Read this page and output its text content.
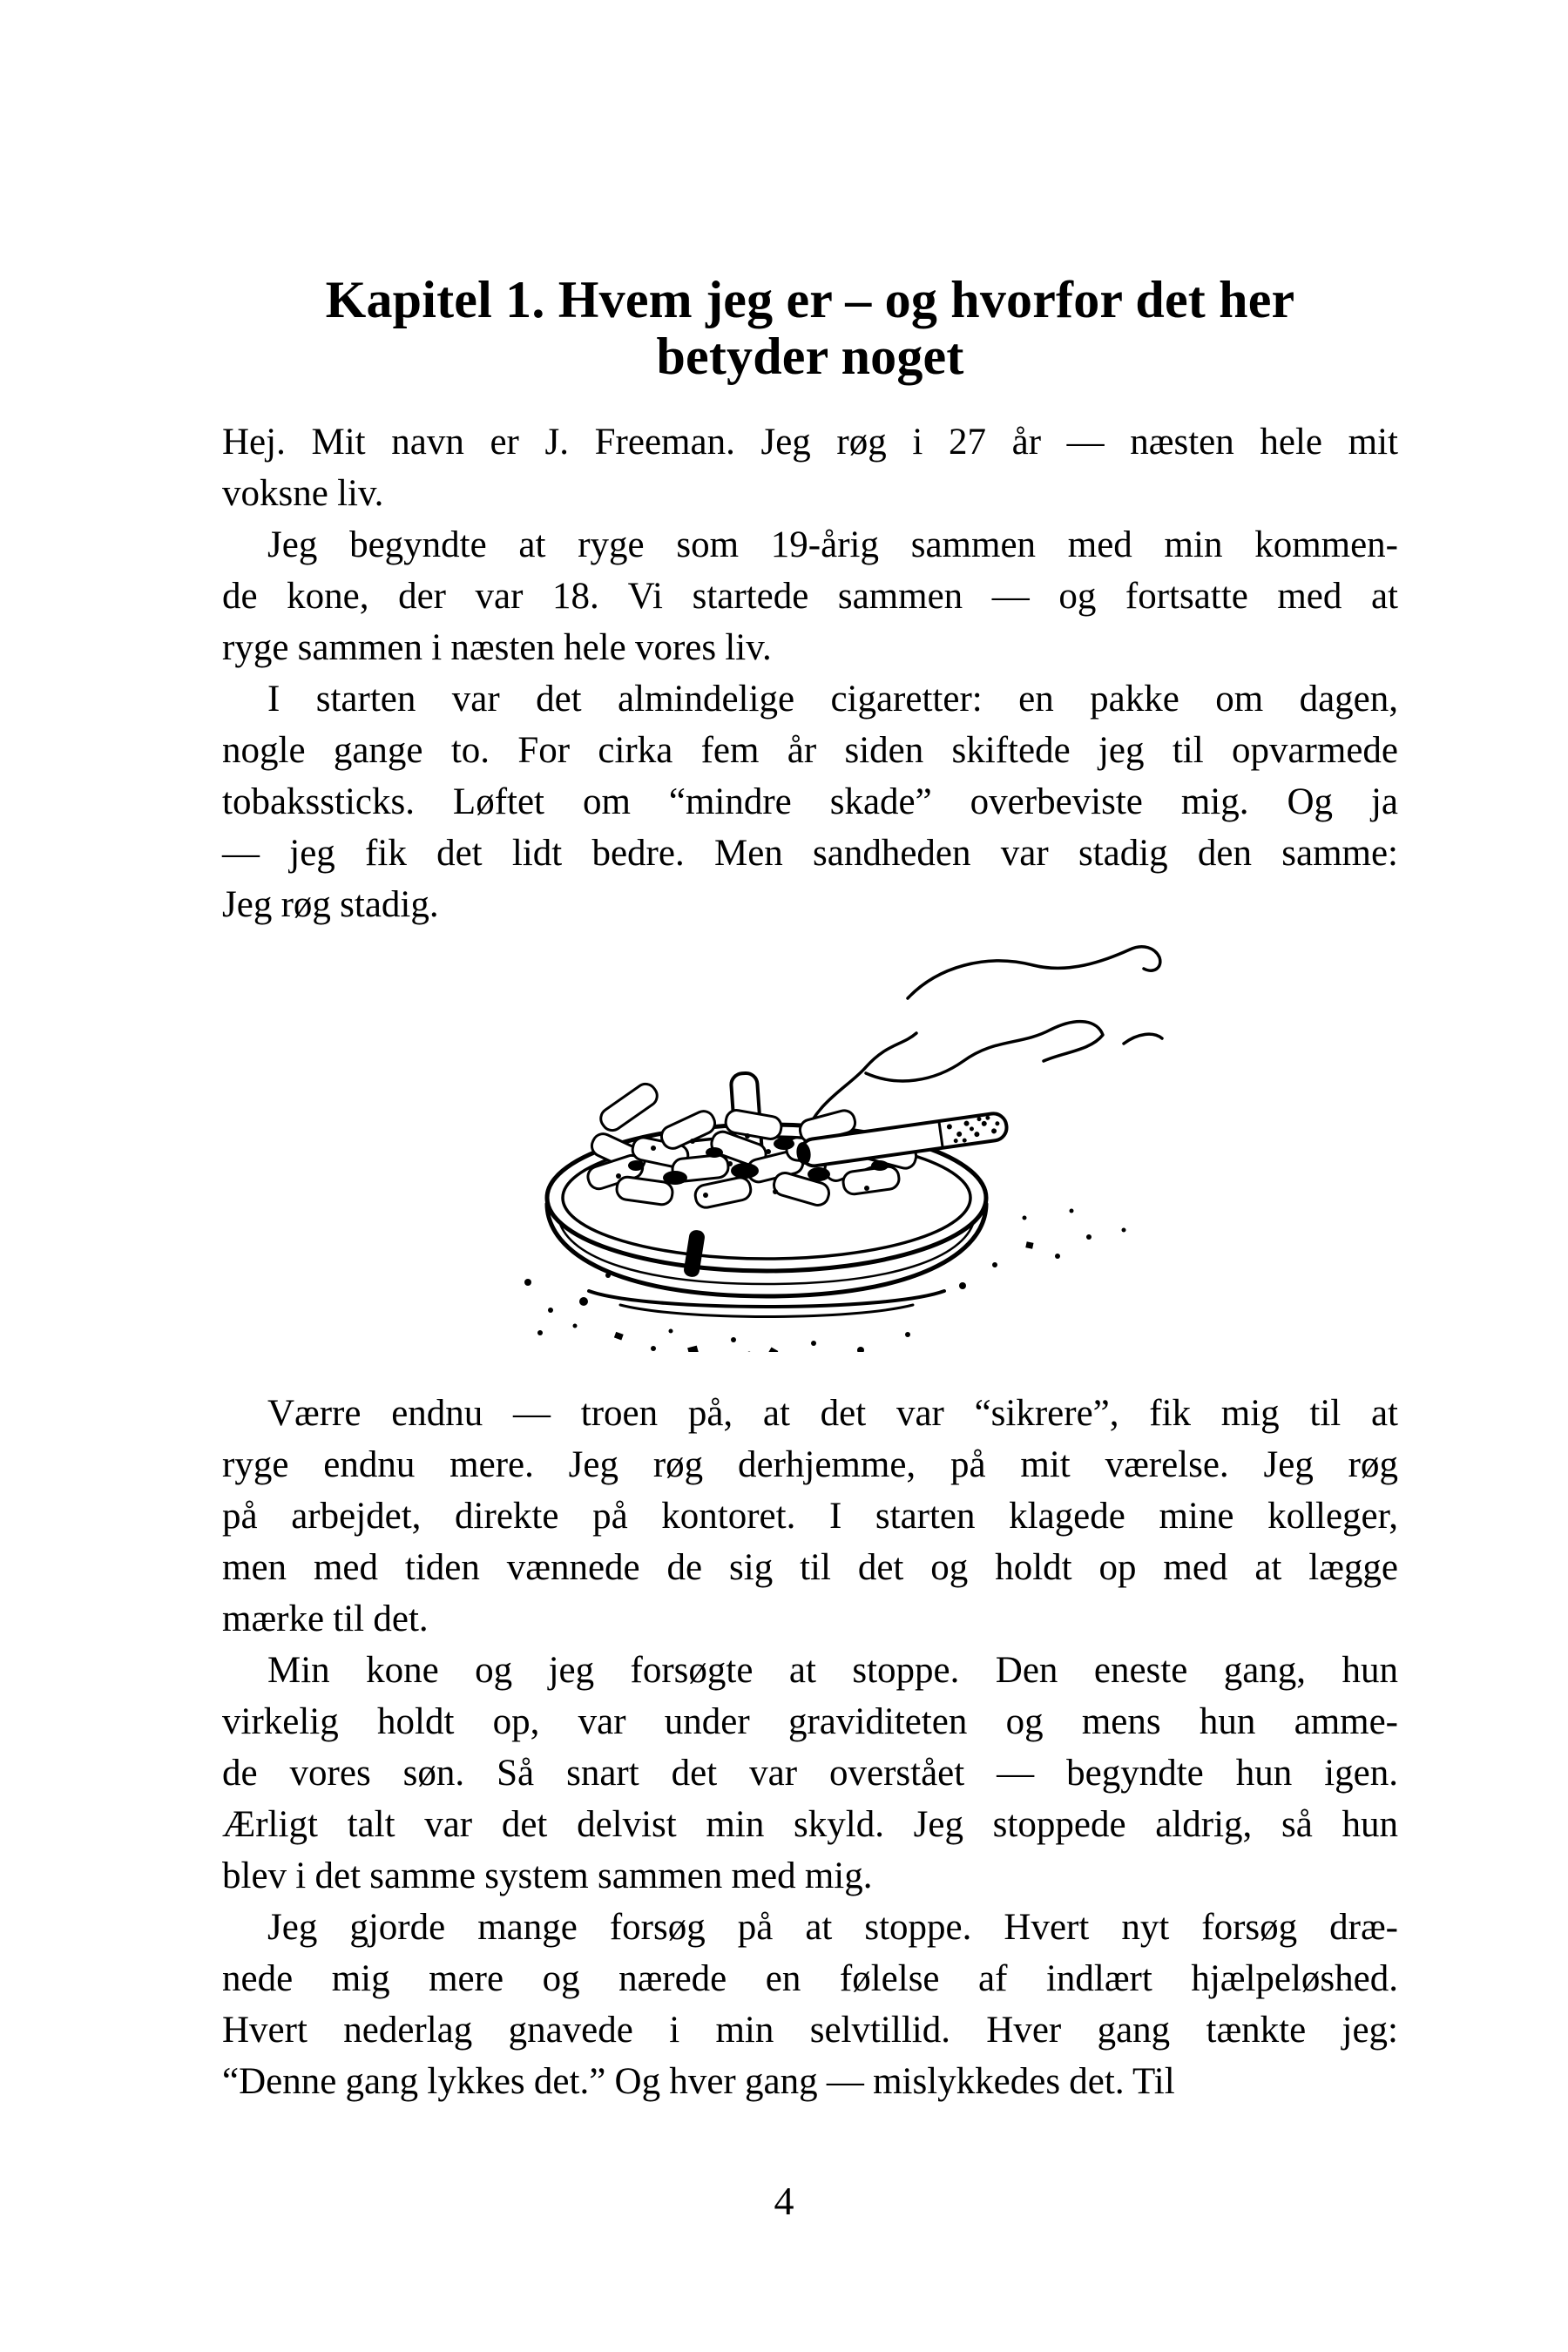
Kapitel 1. Hvem jeg er – og hvorfor det her
betyder noget
Hej. Mit navn er J. Freeman. Jeg røg i 27 år — næsten hele mit
voksne liv.
Jeg begyndte at ryge som 19-årig sammen med min kommen-
de kone, der var 18. Vi startede sammen — og fortsatte med at
ryge sammen i næsten hele vores liv.
I starten var det almindelige cigaretter: en pakke om dagen,
nogle gange to. For cirka fem år siden skiftede jeg til opvarmede
tobakssticks. Løftet om “mindre skade” overbeviste mig. Og ja
— jeg fik det lidt bedre. Men sandheden var stadig den samme:
Jeg røg stadig.
Værre endnu — troen på, at det var “sikrere”, fik mig til at
ryge endnu mere. Jeg røg derhjemme, på mit værelse. Jeg røg
på arbejdet, direkte på kontoret. I starten klagede mine kolleger,
men med tiden vænnede de sig til det og holdt op med at lægge
mærke til det.
Min kone og jeg forsøgte at stoppe. Den eneste gang, hun
virkelig holdt op, var under graviditeten og mens hun amme-
de vores søn. Så snart det var overstået — begyndte hun igen.
Ærligt talt var det delvist min skyld. Jeg stoppede aldrig, så hun
blev i det samme system sammen med mig.
Jeg gjorde mange forsøg på at stoppe. Hvert nyt forsøg dræ-
nede mig mere og nærede en følelse af indlært hjælpeløshed.
Hvert nederlag gnavede i min selvtillid. Hver gang tænkte jeg:
“Denne gang lykkes det.” Og hver gang — mislykkedes det. Til
4
